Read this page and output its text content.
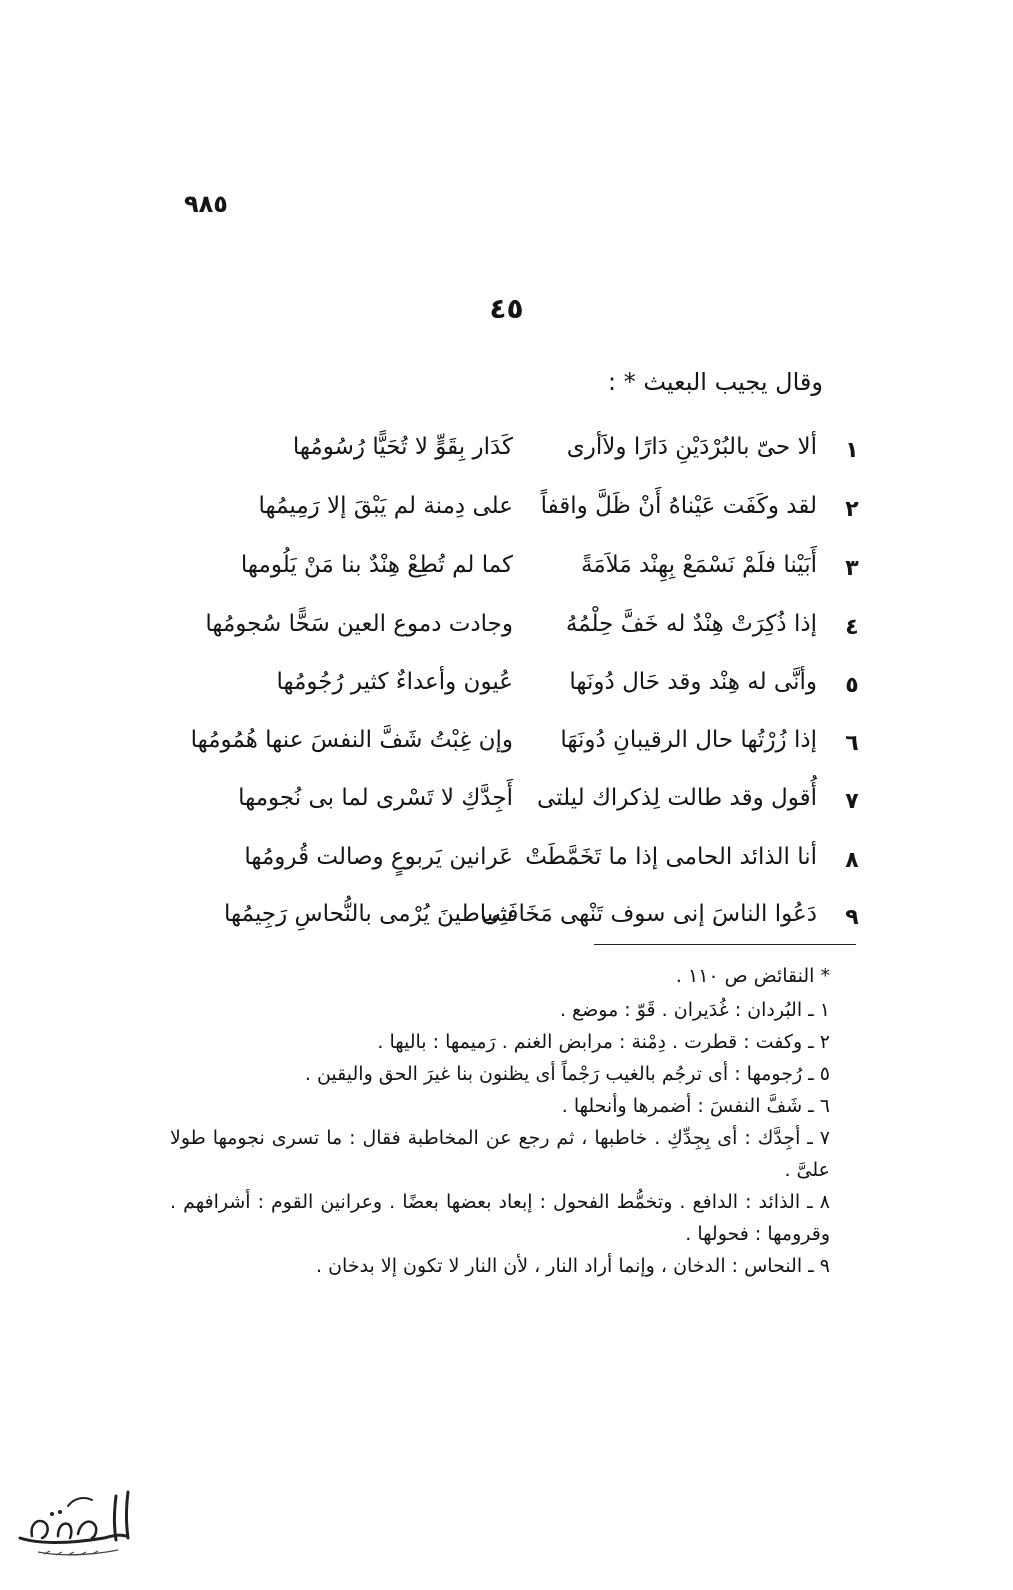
٩٨٥
٤٥
وقال يجيب البعيث * :
١
ألا حىّ بالبُرْدَيْنِ دَارًا ولاَأرى
كَدَار بِقَوٍّ لا تُحَيًّا رُسُومُها
٢
لقد وكَفَت عَيْناهُ أَنْ ظَلَّ واقفاً
على دِمنة لم يَبْقَ إلا رَمِيمُها
٣
أَبَيْنا فلَمْ نَسْمَعْ بِهِنْد مَلاَمَةً
كما لم تُطِعْ هِنْدٌ بنا مَنْ يَلُومها
٤
إذا ذُكِرَتْ هِنْدٌ له خَفَّ حِلْمُهُ
وجادت دموع العين سَحًّا سُجومُها
٥
وأنَّى له هِنْد وقد حَال دُونَها
عُيون وأعداءٌ كثير رُجُومُها
٦
إذا زُرْتُها حال الرقيبانِ دُونَهَا
وإن غِبْتُ شَفَّ النفسَ عنها هُمُومُها
٧
أُقول وقد طالت لِذكراك ليلتى
أَجِدَّكِ لا تَسْرى لما بى نُجومها
٨
أنا الذائد الحامى إذا ما تَخَمَّطَتْ
عَرانين يَربوعٍ وصالت قُرومُها
٩
دَعُوا الناسَ إنى سوف تَنْهى مَخَافَتِى
شياطينَ يُرْمى بالنُّحاسِ رَجِيمُها

* النقائض ص ١١٠ .

١ ـ البُردان : غُدَيران . قَوّ : موضع .

٢ ـ وكفت : قطرت . دِمْنة : مرابض الغنم . رَميمها : باليها .

٥ ـ رُجومها : أى ترجُم بالغيب رَجْماً أى يظنون بنا غيرَ الحق واليقين .

٦ ـ شَفَّ النفسَ : أضمرها وأنحلها .

٧ ـ أجِدَّك : أى بِجِدِّكِ . خاطبها ، ثم رجع عن المخاطبة فقال : ما تسرى نجومها طولا علىَّ .

٨ ـ الذائد : الدافع . وتخمُّط الفحول : إبعاد بعضها بعضًا . وعرانين القوم : أشرافهم . وقرومها : فحولها .

٩ ـ النحاس : الدخان ، وإنما أراد النار ، لأن النار لا تكون إلا بدخان .
